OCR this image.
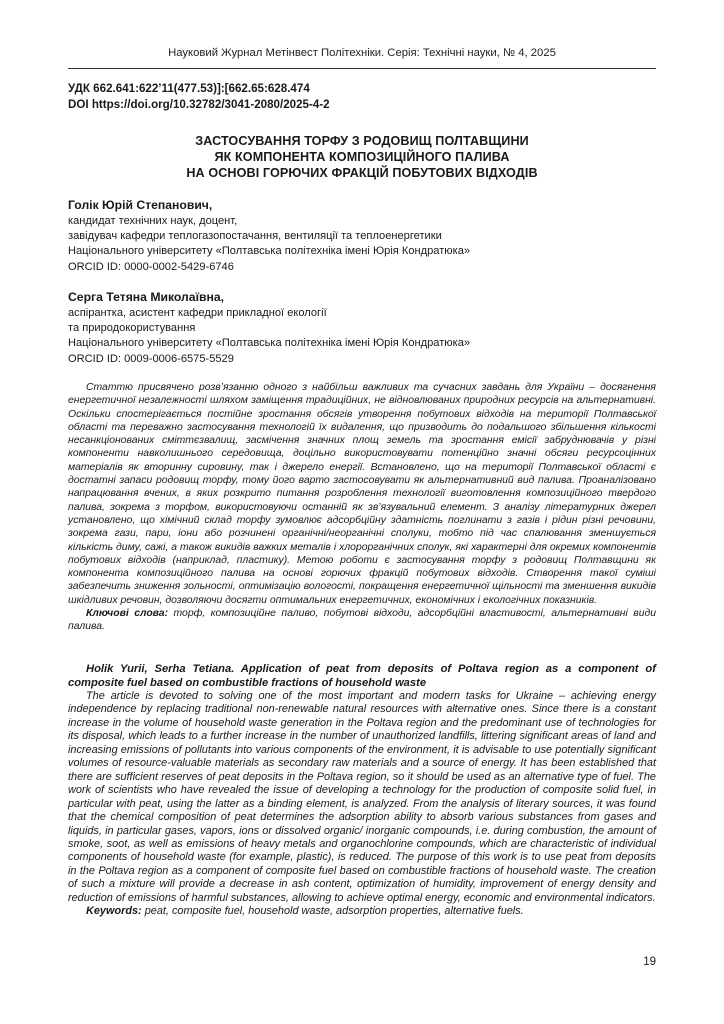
Науковий Журнал Метінвест Політехніки. Серія: Технічні науки, № 4, 2025
УДК 662.641:622’11(477.53)]:[662.65:628.474
DOI https://doi.org/10.32782/3041-2080/2025-4-2
ЗАСТОСУВАННЯ ТОРФУ З РОДОВИЩ ПОЛТАВЩИНИ
ЯК КОМПОНЕНТА КОМПОЗИЦІЙНОГО ПАЛИВА
НА ОСНОВІ ГОРЮЧИХ ФРАКЦІЙ ПОБУТОВИХ ВІДХОДІВ
Голік Юрій Степанович,
кандидат технічних наук, доцент,
завідувач кафедри теплогазопостачання, вентиляції та теплоенергетики
Національного університету «Полтавська політехніка імені Юрія Кондратюка»
ORCID ID: 0000-0002-5429-6746
Серга Тетяна Миколаївна,
аспірантка, асистент кафедри прикладної екології
та природокористування
Національного університету «Полтавська політехніка імені Юрія Кондратюка»
ORCID ID: 0009-0006-6575-5529

Статтю присвячено розв’язанню одного з найбільш важливих та сучасних завдань для України – досягнення енергетичної незалежності шляхом заміщення традиційних, не відновлюваних природних ресурсів на альтернативні. Оскільки спостерігається постійне зростання обсягів утворення побутових відходів на території Полтавської області та переважно застосування технологій їх видалення, що призводить до подальшого збільшення кількості несанкціонованих сміттєзвалищ, засмічення значних площ земель та зростання емісії забруднювачів у різні компоненти навколишнього середовища, доцільно використовувати потенційно значні обсяги ресурсоцінних матеріалів як вторинну сировину, так і джерело енергії. Встановлено, що на території Полтавської області є достатні запаси родовищ торфу, тому його варто застосовувати як альтернативний вид палива. Проаналізовано напрацювання вчених, в яких розкрито питання розроблення технології виготовлення композиційного твердого палива, зокрема з торфом, використовуючи останній як зв’язувальний елемент. З аналізу літературних джерел установлено, що хімічний склад торфу зумовлює адсорбційну здатність поглинати з газів і рідин різні речовини, зокрема гази, пари, іони або розчинені органічні/неорганічні сполуки, тобто під час спалювання зменшується кількість диму, сажі, а також викидів важких металів і хлорорганічних сполук, які характерні для окремих компонентів побутових відходів (наприклад, пластику). Метою роботи є застосування торфу з родовищ Полтавщини як компонента композиційного палива на основі горючих фракцій побутових відходів. Створення такої суміші забезпечить зниження зольності, оптимізацію вологості, покращення енергетичної щільності та зменшення викидів шкідливих речовин, дозволяючи досягти оптимальних енергетичних, економічних і екологічних показників.

Ключові слова: торф, композиційне паливо, побутові відходи, адсорбційні властивості, альтернативні види палива.

Holik Yurii, Serha Tetiana. Application of peat from deposits of Poltava region as a component of composite fuel based on combustible fractions of household waste

The article is devoted to solving one of the most important and modern tasks for Ukraine – achieving energy independence by replacing traditional non-renewable natural resources with alternative ones. Since there is a constant increase in the volume of household waste generation in the Poltava region and the predominant use of technologies for its disposal, which leads to a further increase in the number of unauthorized landfills, littering significant areas of land and increasing emissions of pollutants into various components of the environment, it is advisable to use potentially significant volumes of resource-valuable materials as secondary raw materials and a source of energy. It has been established that there are sufficient reserves of peat deposits in the Poltava region, so it should be used as an alternative type of fuel. The work of scientists who have revealed the issue of developing a technology for the production of composite solid fuel, in particular with peat, using the latter as a binding element, is analyzed. From the analysis of literary sources, it was found that the chemical composition of peat determines the adsorption ability to absorb various substances from gases and liquids, in particular gases, vapors, ions or dissolved organic/ inorganic compounds, i.e. during combustion, the amount of smoke, soot, as well as emissions of heavy metals and organochlorine compounds, which are characteristic of individual components of household waste (for example, plastic), is reduced. The purpose of this work is to use peat from deposits in the Poltava region as a component of composite fuel based on combustible fractions of household waste. The creation of such a mixture will provide a decrease in ash content, optimization of humidity, improvement of energy density and reduction of emissions of harmful substances, allowing to achieve optimal energy, economic and environmental indicators.

Keywords: peat, composite fuel, household waste, adsorption properties, alternative fuels.

19
